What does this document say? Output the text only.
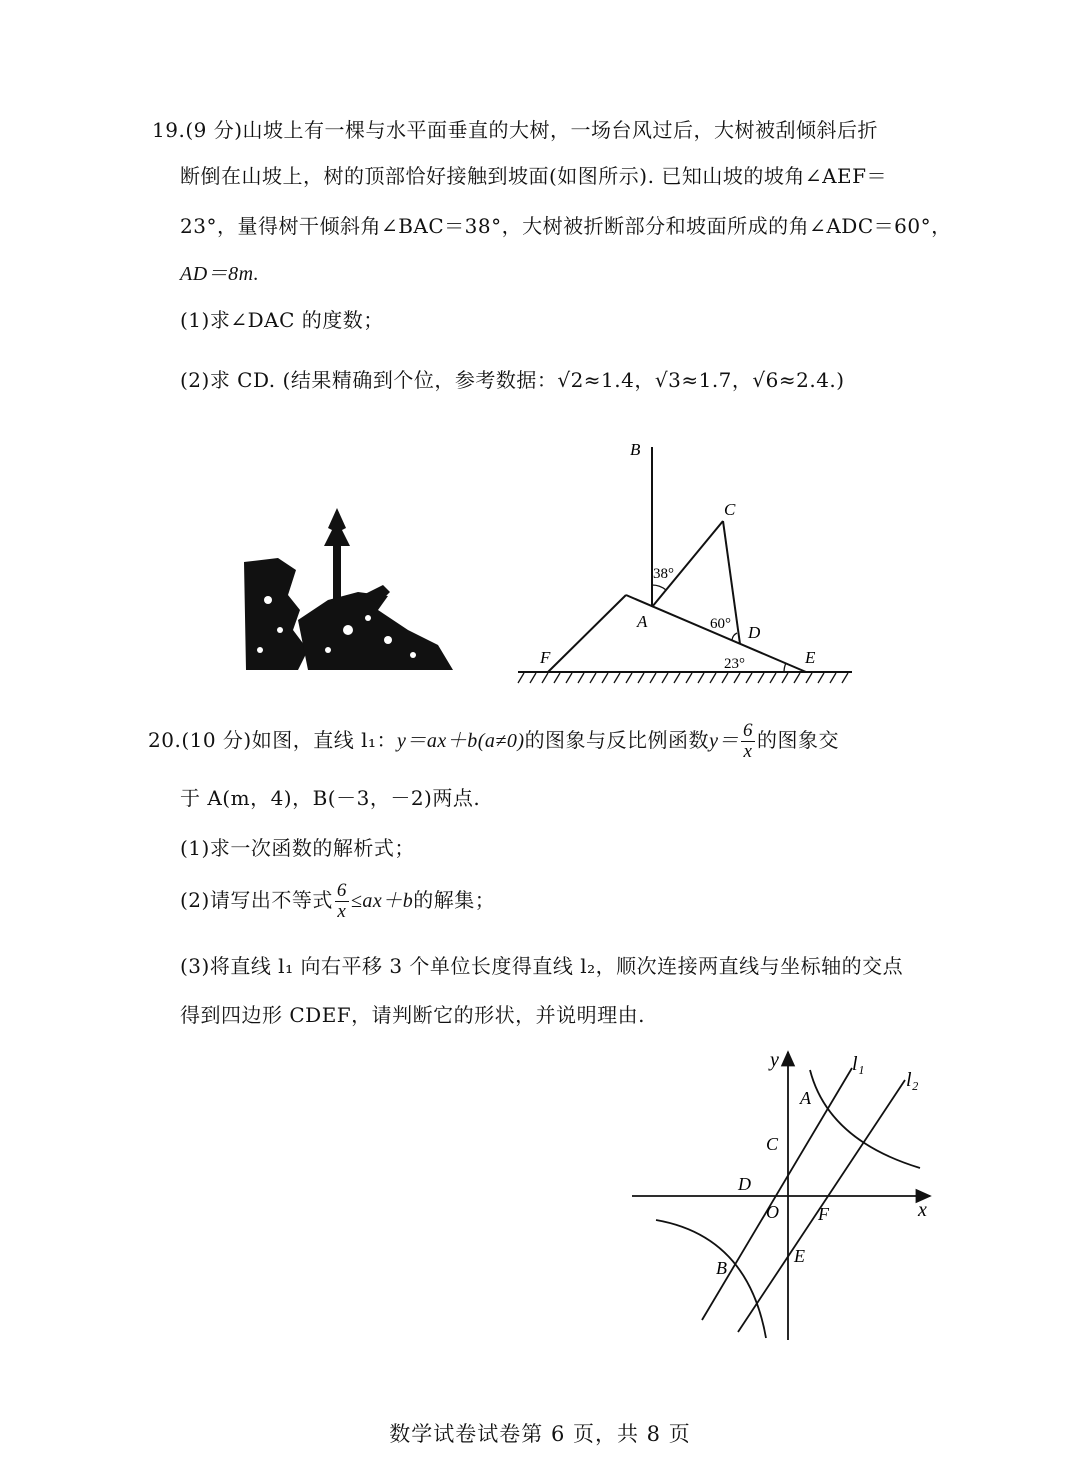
19.(9 分)山坡上有一棵与水平面垂直的大树，一场台风过后，大树被刮倾斜后折
断倒在山坡上，树的顶部恰好接触到坡面(如图所示). 已知山坡的坡角∠AEF＝
23°，量得树干倾斜角∠BAC＝38°，大树被折断部分和坡面所成的角∠ADC＝60°，
AD＝8m.
(1)求∠DAC 的度数；
(2)求 CD. (结果精确到个位，参考数据：√2≈1.4，√3≈1.7，√6≈2.4.)
B
C
A
D
E
F
38°
60°
23°
20.(10 分)如图，直线 l₁：y＝ax＋b(a≠0)的图象与反比例函数$y= \frac{6}{x}$ 的图象交
于 A(m，4)，B(－3，－2)两点.
(1)求一次函数的解析式；
(2)请写出不等式 $\frac{6}{x} \le ax+b$的解集；
(3)将直线 l₁ 向右平移 3 个单位长度得直线 l₂，顺次连接两直线与坐标轴的交点
得到四边形 CDEF，请判断它的形状，并说明理由.
y
x
l₁
l₂
A
C
D
O F
E
B
数学试卷试卷第 6 页，共 8 页
